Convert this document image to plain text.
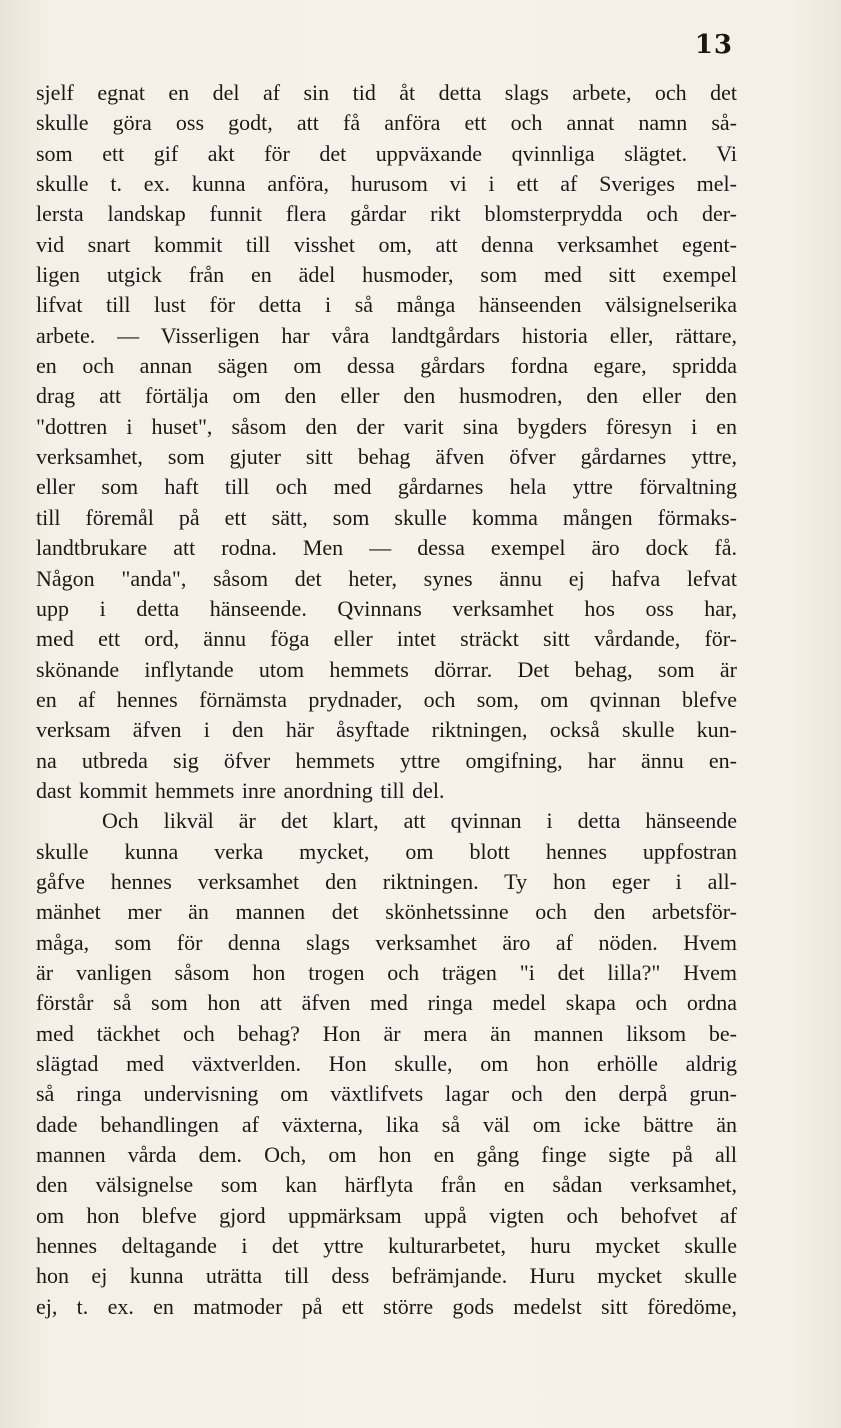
13
sjelf egnat en del af sin tid åt detta slags arbete, och det
skulle göra oss godt, att få anföra ett och annat namn så-
som ett gif akt för det uppväxande qvinnliga slägtet. Vi
skulle t. ex. kunna anföra, hurusom vi i ett af Sveriges mel-
lersta landskap funnit flera gårdar rikt blomsterprydda och der-
vid snart kommit till visshet om, att denna verksamhet egent-
ligen utgick från en ädel husmoder, som med sitt exempel
lifvat till lust för detta i så många hänseenden välsignelserika
arbete. — Visserligen har våra landtgårdars historia eller, rättare,
en och annan sägen om dessa gårdars fordna egare, spridda
drag att förtälja om den eller den husmodren, den eller den
"dottren i huset", såsom den der varit sina bygders föresyn i en
verksamhet, som gjuter sitt behag äfven öfver gårdarnes yttre,
eller som haft till och med gårdarnes hela yttre förvaltning
till föremål på ett sätt, som skulle komma mången förmaks-
landtbrukare att rodna. Men — dessa exempel äro dock få.
Någon "anda", såsom det heter, synes ännu ej hafva lefvat
upp i detta hänseende. Qvinnans verksamhet hos oss har,
med ett ord, ännu föga eller intet sträckt sitt vårdande, för-
skönande inflytande utom hemmets dörrar. Det behag, som är
en af hennes förnämsta prydnader, och som, om qvinnan blefve
verksam äfven i den här åsyftade riktningen, också skulle kun-
na utbreda sig öfver hemmets yttre omgifning, har ännu en-
dast kommit hemmets inre anordning till del.
Och likväl är det klart, att qvinnan i detta hänseende
skulle kunna verka mycket, om blott hennes uppfostran
gåfve hennes verksamhet den riktningen. Ty hon eger i all-
mänhet mer än mannen det skönhetssinne och den arbetsför-
måga, som för denna slags verksamhet äro af nöden. Hvem
är vanligen såsom hon trogen och trägen "i det lilla?" Hvem
förstår så som hon att äfven med ringa medel skapa och ordna
med täckhet och behag? Hon är mera än mannen liksom be-
slägtad med växtverlden. Hon skulle, om hon erhölle aldrig
så ringa undervisning om växtlifvets lagar och den derpå grun-
dade behandlingen af växterna, lika så väl om icke bättre än
mannen vårda dem. Och, om hon en gång finge sigte på all
den välsignelse som kan härflyta från en sådan verksamhet,
om hon blefve gjord uppmärksam uppå vigten och behofvet af
hennes deltagande i det yttre kulturarbetet, huru mycket skulle
hon ej kunna uträtta till dess befrämjande. Huru mycket skulle
ej, t. ex. en matmoder på ett större gods medelst sitt föredöme,
